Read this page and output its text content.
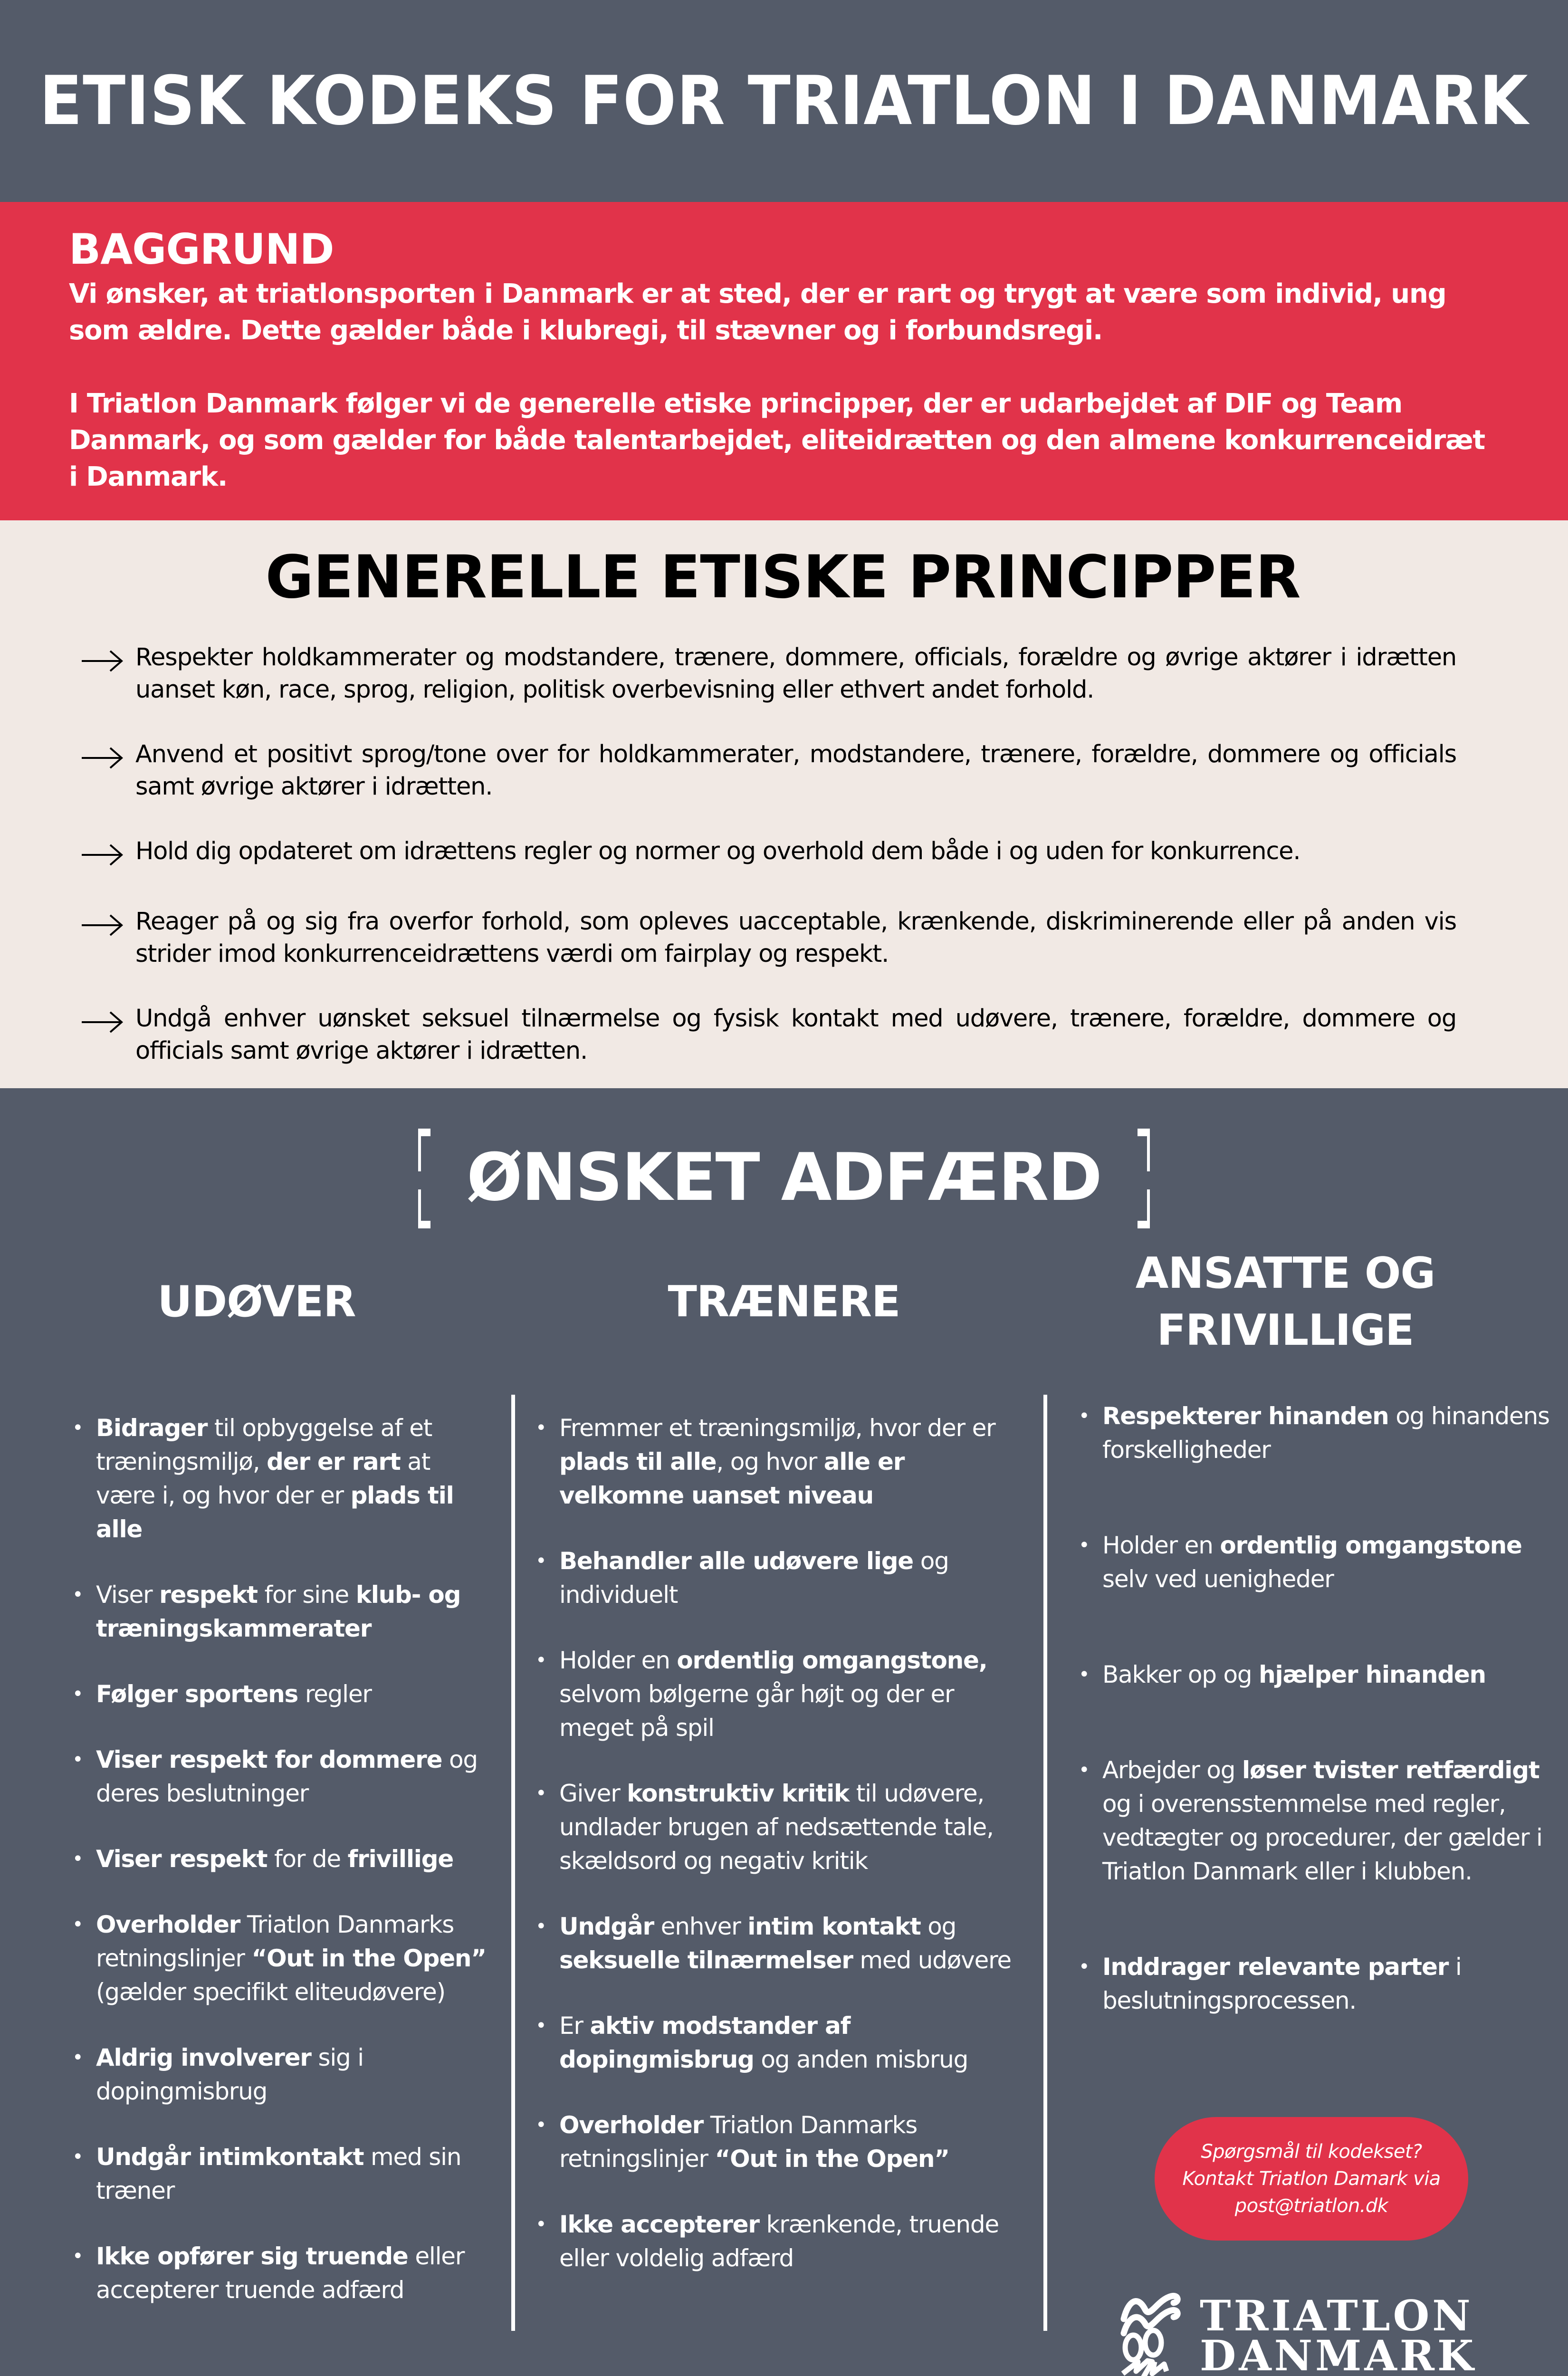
ETISK KODEKS FOR TRIATLON I DANMARK
BAGGRUND

Vi ønsker, at triatlonsporten i Danmark er at sted, der er rart og trygt at være som individ, ung som ældre. Dette gælder både i klubregi, til stævner og i forbundsregi.

I Triatlon Danmark følger vi de generelle etiske principper, der er udarbejdet af DIF og Team Danmark, og som gælder for både talentarbejdet, eliteidrætten og den almene konkurrenceidræt i Danmark.

GENERELLE ETISKE PRINCIPPER
Respekter holdkammerater og modstandere, trænere, dommere, officials, forældre og øvrige aktører i idrætten uanset køn, race, sprog, religion, politisk overbevisning eller ethvert andet forhold.
Anvend et positivt sprog/tone over for holdkammerater, modstandere, trænere, forældre, dommere og officials samt øvrige aktører i idrætten.
Hold dig opdateret om idrættens regler og normer og overhold dem både i og uden for konkurrence.
Reager på og sig fra overfor forhold, som opleves uacceptable, krænkende, diskriminerende eller på anden vis strider imod konkurrenceidrættens værdi om fairplay og respekt.
Undgå enhver uønsket seksuel tilnærmelse og fysisk kontakt med udøvere, trænere, forældre, dommere og officials samt øvrige aktører i idrætten.
ØNSKET ADFÆRD
UDØVER	TRÆNERE
ANSATTE OG FRIVILLIGE
• Bidrager til opbyggelse af et træningsmiljø, der er rart at være i, og hvor der er plads til alle
• Viser respekt for sine klub- og træningskammerater
• Følger sportens regler
• Viser respekt for dommere og deres beslutninger
• Viser respekt for de frivillige
• Overholder Triatlon Danmarks retningslinjer “Out in the Open” (gælder specifikt eliteudøvere)
• Aldrig involverer sig i dopingmisbrug
• Undgår intimkontakt med sin træner
• Ikke opfører sig truende eller accepterer truende adfærd
• Fremmer et træningsmiljø, hvor der er plads til alle, og hvor alle er velkomne uanset niveau
• Behandler alle udøvere lige og individuelt
• Holder en ordentlig omgangstone, selvom bølgerne går højt og der er meget på spil
• Giver konstruktiv kritik til udøvere, undlader brugen af nedsættende tale, skældsord og negativ kritik
• Undgår enhver intim kontakt og seksuelle tilnærmelser med udøvere
• Er aktiv modstander af dopingmisbrug og anden misbrug
• Overholder Triatlon Danmarks retningslinjer “Out in the Open”
• Ikke accepterer krænkende, truende eller voldelig adfærd
• Respekterer hinanden og hinandens forskelligheder
• Holder en ordentlig omgangstone selv ved uenigheder
• Bakker op og hjælper hinanden
• Arbejder og løser tvister retfærdigt og i overensstemmelse med regler, vedtægter og procedurer, der gælder i Triatlon Danmark eller i klubben.
• Inddrager relevante parter i beslutningsprocessen.
Spørgsmål til kodekset?
Kontakt Triatlon Damark via
post@triatlon.dk
TRIATLON
DANMARK
